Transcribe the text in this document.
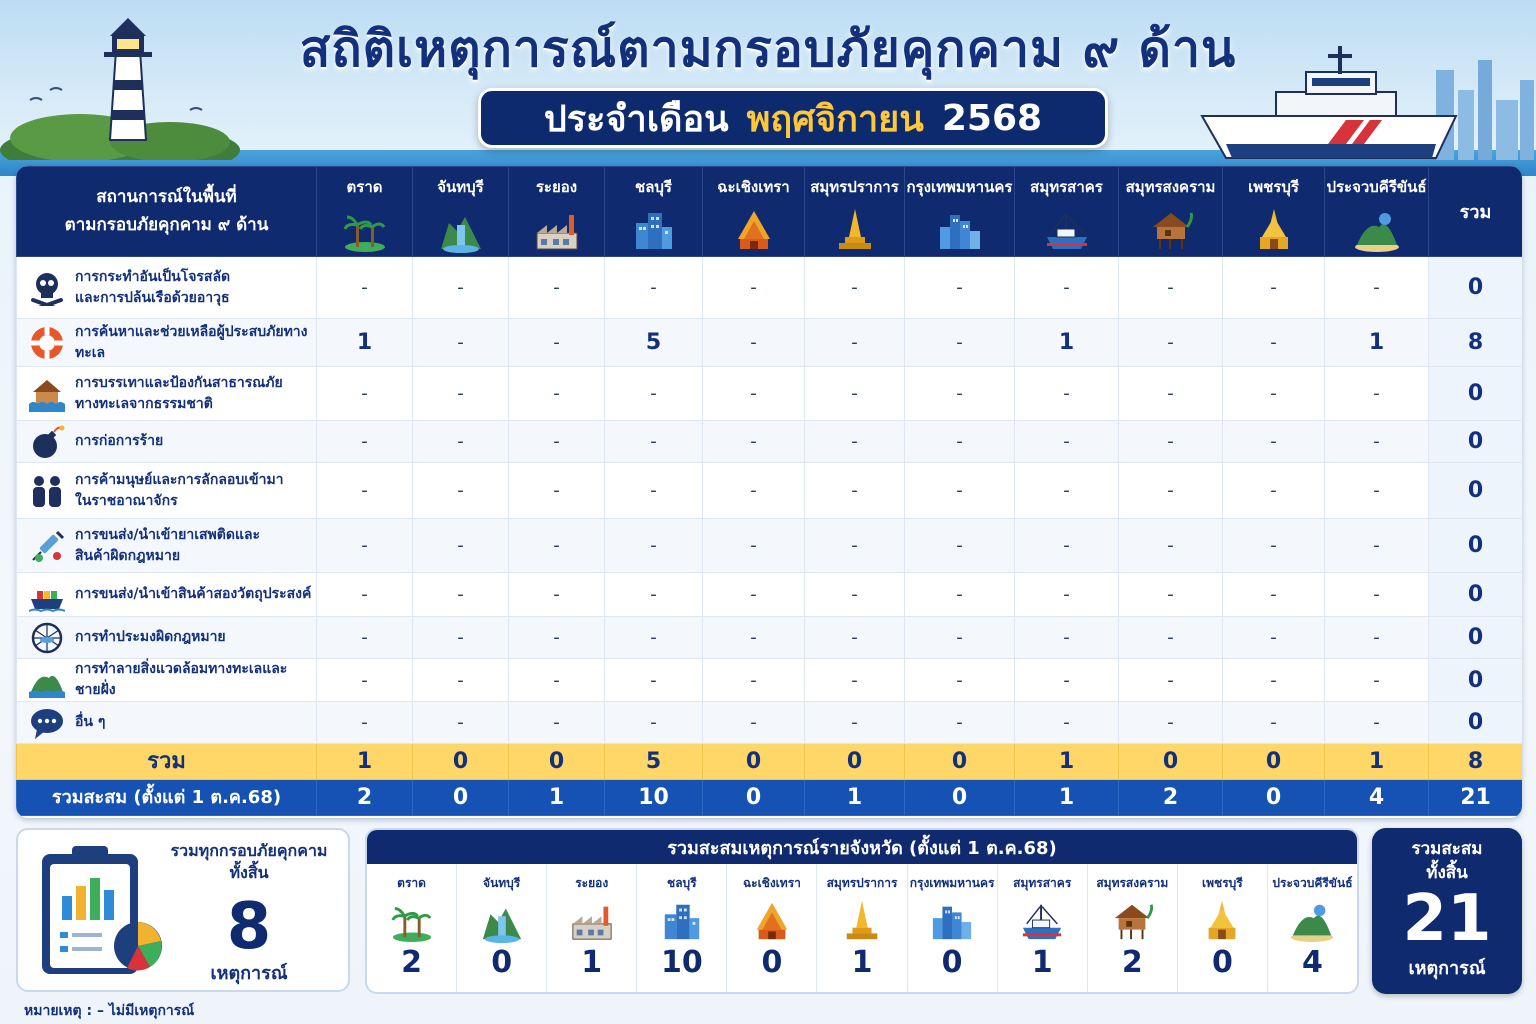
สถิติเหตุการณ์ตามกรอบภัยคุกคาม ๙ ด้าน
ประจำเดือน พฤศจิกายน 2568
สถานการณ์ในพื้นที่
ตามกรอบภัยคุกคาม ๙ ด้าน	ตราด	จันทบุรี	ระยอง	ชลบุรี	ฉะเชิงเทรา	สมุทรปราการ	กรุงเทพมหานคร	สมุทรสาคร	สมุทรสงคราม	เพชรบุรี	ประจวบคีรีขันธ์	รวม

การกระทำอันเป็นโจรสลัด
และการปล้นเรือด้วยอาวุธ	-	-	-	-	-	-	-	-	-	-	-	0

การค้นหาและช่วยเหลือผู้ประสบภัยทางทะเล	1	-	-	5	-	-	-	1	-	-	1	8

การบรรเทาและป้องกันสาธารณภัย
ทางทะเลจากธรรมชาติ	-	-	-	-	-	-	-	-	-	-	-	0

การก่อการร้าย	-	-	-	-	-	-	-	-	-	-	-	0

การค้ามนุษย์และการลักลอบเข้ามา
ในราชอาณาจักร	-	-	-	-	-	-	-	-	-	-	-	0

การขนส่ง/นำเข้ายาเสพติดและ
สินค้าผิดกฎหมาย	-	-	-	-	-	-	-	-	-	-	-	0

การขนส่ง/นำเข้าสินค้าสองวัตถุประสงค์	-	-	-	-	-	-	-	-	-	-	-	0

การทำประมงผิดกฎหมาย	-	-	-	-	-	-	-	-	-	-	-	0

การทำลายสิ่งแวดล้อมทางทะเลและชายฝั่ง	-	-	-	-	-	-	-	-	-	-	-	0

อื่น ๆ	-	-	-	-	-	-	-	-	-	-	-	0
รวม	1	0	0	5	0	0	0	1	0	0	1	8
รวมสะสม (ตั้งแต่ 1 ต.ค.68)	2	0	1	10	0	1	0	1	2	0	4	21
รวมทุกกรอบภัยคุกคาม
ทั้งสิ้น
8
เหตุการณ์
รวมสะสมเหตุการณ์รายจังหวัด (ตั้งแต่ 1 ต.ค.68)
ตราด
2
จันทบุรี
0
ระยอง
1
ชลบุรี
10
ฉะเชิงเทรา
0
สมุทรปราการ
1
กรุงเทพมหานคร
0
สมุทรสาคร
1
สมุทรสงคราม
2
เพชรบุรี
0
ประจวบคีรีขันธ์
4
รวมสะสม
ทั้งสิ้น
21
เหตุการณ์
หมายเหตุ : – ไม่มีเหตุการณ์
